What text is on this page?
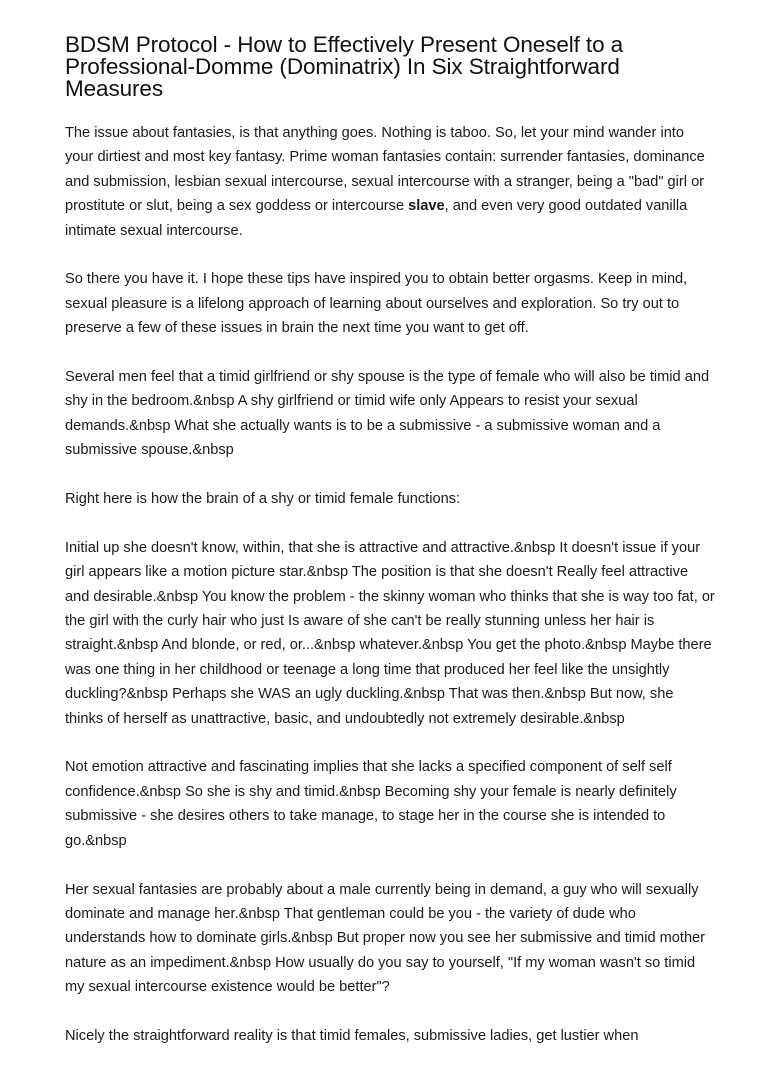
BDSM Protocol - How to Effectively Present Oneself to a Professional-Domme (Dominatrix) In Six Straightforward Measures

The issue about fantasies, is that anything goes. Nothing is taboo. So, let your mind wander into your dirtiest and most key fantasy. Prime woman fantasies contain: surrender fantasies, dominance and submission, lesbian sexual intercourse, sexual intercourse with a stranger, being a "bad" girl or prostitute or slut, being a sex goddess or intercourse slave, and even very good outdated vanilla intimate sexual intercourse.

So there you have it. I hope these tips have inspired you to obtain better orgasms. Keep in mind, sexual pleasure is a lifelong approach of learning about ourselves and exploration. So try out to preserve a few of these issues in brain the next time you want to get off.

Several men feel that a timid girlfriend or shy spouse is the type of female who will also be timid and shy in the bedroom.&nbsp A shy girlfriend or timid wife only Appears to resist your sexual demands.&nbsp What she actually wants is to be a submissive - a submissive woman and a submissive spouse.&nbsp

Right here is how the brain of a shy or timid female functions:

Initial up she doesn't know, within, that she is attractive and attractive.&nbsp It doesn't issue if your girl appears like a motion picture star.&nbsp The position is that she doesn't Really feel attractive and desirable.&nbsp You know the problem - the skinny woman who thinks that she is way too fat, or the girl with the curly hair who just Is aware of she can't be really stunning unless her hair is straight.&nbsp And blonde, or red, or...&nbsp whatever.&nbsp You get the photo.&nbsp Maybe there was one thing in her childhood or teenage a long time that produced her feel like the unsightly duckling?&nbsp Perhaps she WAS an ugly duckling.&nbsp That was then.&nbsp But now, she thinks of herself as unattractive, basic, and undoubtedly not extremely desirable.&nbsp

Not emotion attractive and fascinating implies that she lacks a specified component of self self confidence.&nbsp So she is shy and timid.&nbsp Becoming shy your female is nearly definitely submissive - she desires others to take manage, to stage her in the course she is intended to go.&nbsp

Her sexual fantasies are probably about a male currently being in demand, a guy who will sexually dominate and manage her.&nbsp That gentleman could be you - the variety of dude who understands how to dominate girls.&nbsp But proper now you see her submissive and timid mother nature as an impediment.&nbsp How usually do you say to yourself, "If my woman wasn't so timid my sexual intercourse existence would be better"?

Nicely the straightforward reality is that timid females, submissive ladies, get lustier when
